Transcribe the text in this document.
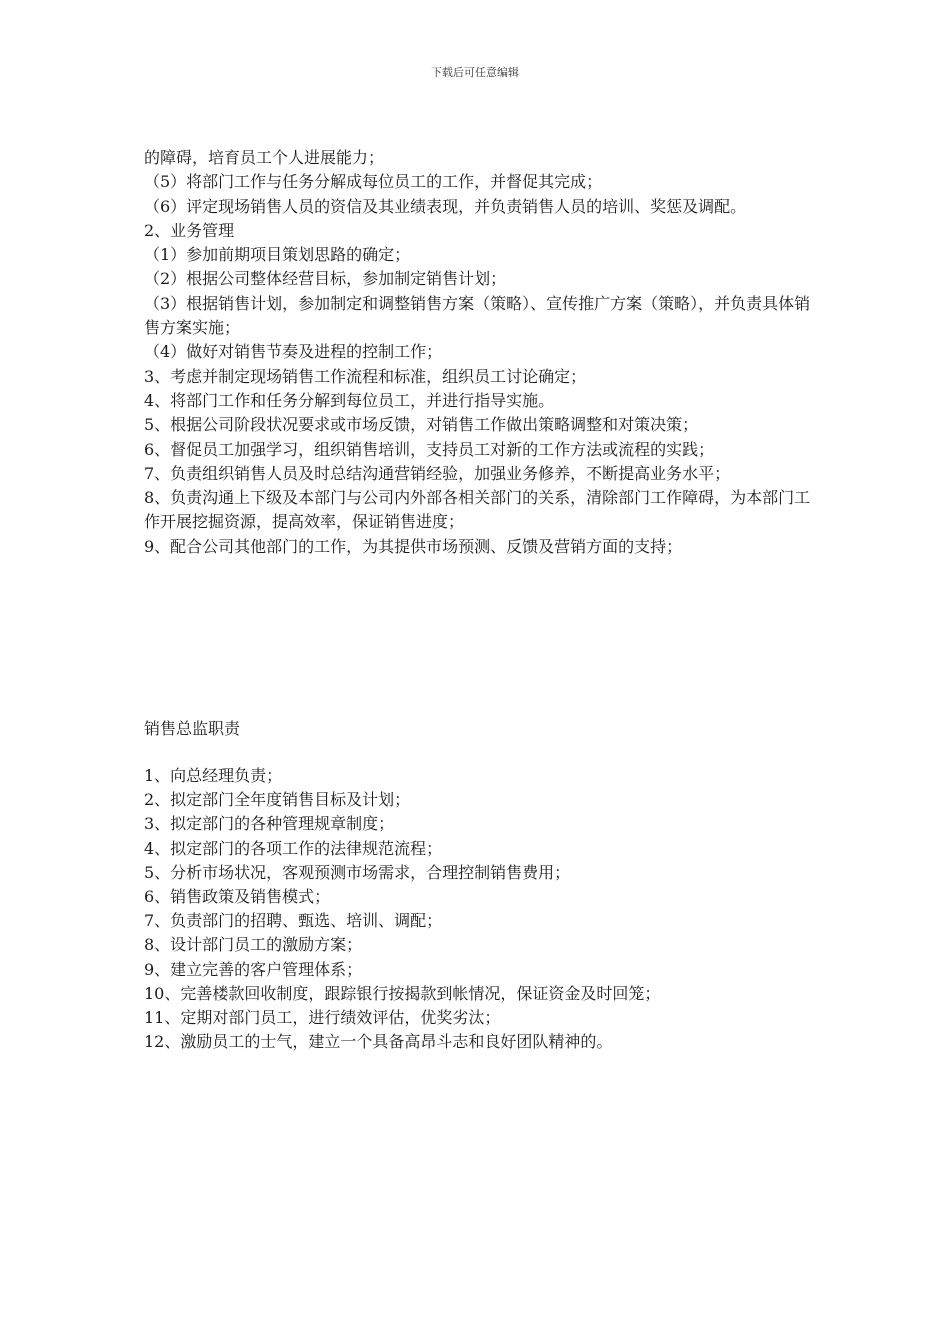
下载后可任意编辑

的障碍，培育员工个人进展能力；

（5）将部门工作与任务分解成每位员工的工作，并督促其完成；

（6）评定现场销售人员的资信及其业绩表现，并负责销售人员的培训、奖惩及调配。

2、业务管理

（1）参加前期项目策划思路的确定；

（2）根据公司整体经营目标，参加制定销售计划；

（3）根据销售计划，参加制定和调整销售方案（策略）、宣传推广方案（策略），并负责具体销售方案实施；

（4）做好对销售节奏及进程的控制工作；

3、考虑并制定现场销售工作流程和标准，组织员工讨论确定；

4、将部门工作和任务分解到每位员工，并进行指导实施。

5、根据公司阶段状况要求或市场反馈，对销售工作做出策略调整和对策决策；

6、督促员工加强学习，组织销售培训，支持员工对新的工作方法或流程的实践；

7、负责组织销售人员及时总结沟通营销经验，加强业务修养，不断提高业务水平；

8、负责沟通上下级及本部门与公司内外部各相关部门的关系，清除部门工作障碍，为本部门工作开展挖掘资源，提高效率，保证销售进度；

9、配合公司其他部门的工作，为其提供市场预测、反馈及营销方面的支持；

销售总监职责

1、向总经理负责；

2、拟定部门全年度销售目标及计划；

3、拟定部门的各种管理规章制度；

4、拟定部门的各项工作的法律规范流程；

5、分析市场状况，客观预测市场需求，合理控制销售费用；

6、销售政策及销售模式；

7、负责部门的招聘、甄选、培训、调配；

8、设计部门员工的激励方案；

9、建立完善的客户管理体系；

10、完善楼款回收制度，跟踪银行按揭款到帐情况，保证资金及时回笼；

11、定期对部门员工，进行绩效评估，优奖劣汰；

12、激励员工的士气，建立一个具备高昂斗志和良好团队精神的。
